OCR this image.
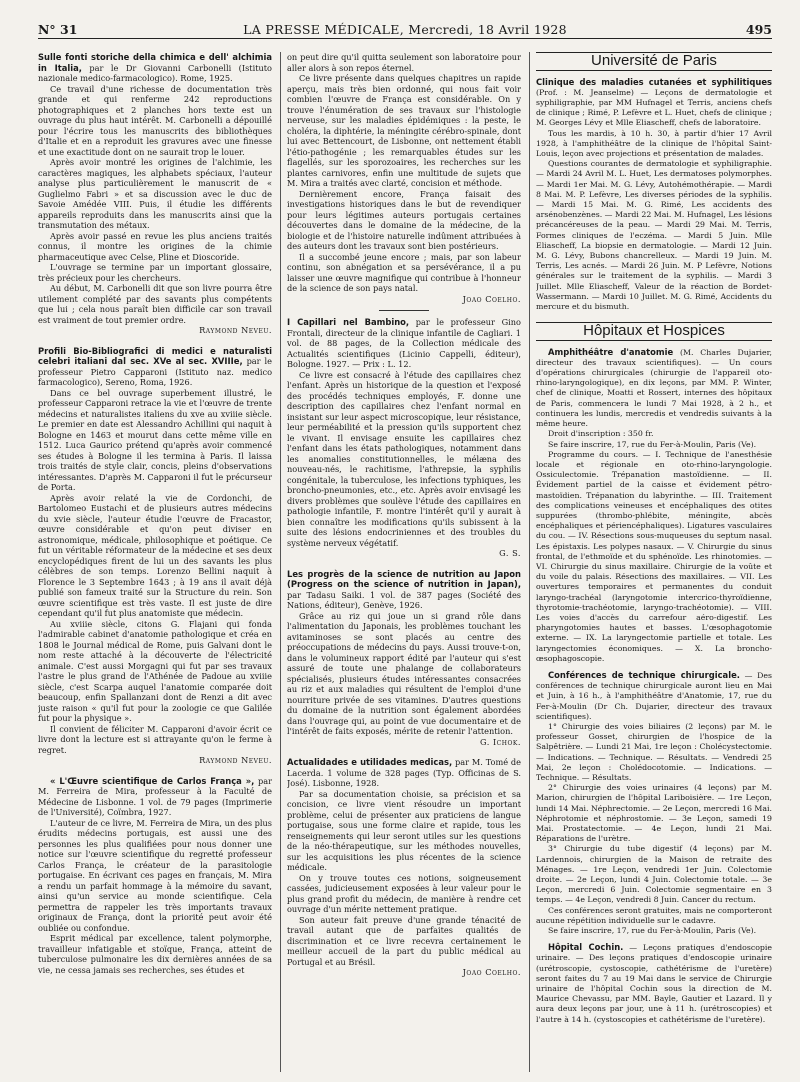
N° 31	LA PRESSE MÉDICALE, Mercredi, 18 Avril 1928	495

Sulle fonti storiche della chimica e dell' alchimia in Italia, par le Dr Giovanni Carbonelli (Istituto nazionale medico-farmacologico). Rome, 1925.

Ce travail d'une richesse de documentation très grande et qui renferme 242 reproductions photographiques et 2 planches hors texte est un ouvrage du plus haut intérêt. M. Carbonelli a dépouillé pour l'écrire tous les manuscrits des bibliothèques d'Italie et en a reproduit les gravures avec une finesse et une exactitude dont on ne saurait trop le louer.

Après avoir montré les origines de l'alchimie, les caractères magiques, les alphabets spéciaux, l'auteur analyse plus particulièrement le manuscrit de « Guglielmo Fabri » et sa discussion avec le duc de Savoie Amédée VIII. Puis, il étudie les différents appareils reproduits dans les manuscrits ainsi que la transmutation des métaux.

Après avoir passé en revue les plus anciens traités connus, il montre les origines de la chimie pharmaceutique avec Celse, Pline et Dioscoride.

L'ouvrage se termine par un important glossaire, très précieux pour les chercheurs.

Au début, M. Carbonelli dit que son livre pourra être utilement complété par des savants plus compétents que lui ; cela nous paraît bien difficile car son travail est vraiment de tout premier ordre.

Raymond Neveu.

Profili Bio-Bibliografici di medici e naturalisti celebri italiani dal sec. XVe al sec. XVIIIe, par le professeur Pietro Capparoni (Istituto naz. medico farmacologico), Sereno, Roma, 1926.

Dans ce bel ouvrage superbement illustré, le professeur Capparoni retrace la vie et l'œuvre de trente médecins et naturalistes italiens du xve au xviiie siècle. Le premier en date est Alessandro Achillini qui naquit à Bologne en 1463 et mourut dans cette même ville en 1512. Luca Gaurico prétend qu'après avoir commencé ses études à Bologne il les termina à Paris. Il laissa trois traités de style clair, concis, pleins d'observations intéressantes. D'après M. Capparoni il fut le précurseur de Porta.

Après avoir relaté la vie de Cordonchi, de Bartolomeo Eustachi et de plusieurs autres médecins du xvie siècle, l'auteur étudie l'œuvre de Fracastor, œuvre considérable et qu'on peut diviser en astronomique, médicale, philosophique et poétique. Ce fut un véritable réformateur de la médecine et ses deux encyclopédiques firent de lui un des savants les plus célèbres de son temps. Lorenzo Bellini naquit à Florence le 3 Septembre 1643 ; à 19 ans il avait déjà publié son fameux traité sur la Structure du rein. Son œuvre scientifique est très vaste. Il est juste de dire cependant qu'il fut plus anatomiste que médecin.

Au xviiie siècle, citons G. Flajani qui fonda l'admirable cabinet d'anatomie pathologique et créa en 1808 le Journal médical de Rome, puis Galvani dont le nom reste attaché à la découverte de l'électricité animale. C'est aussi Morgagni qui fut par ses travaux l'astre le plus grand de l'Athénée de Padoue au xviiie siècle, c'est Scarpa auquel l'anatomie comparée doit beaucoup, enfin Spallanzani dont de Renzi a dit avec juste raison « qu'il fut pour la zoologie ce que Galilée fut pour la physique ».

Il convient de féliciter M. Capparoni d'avoir écrit ce livre dont la lecture est si attrayante qu'on le ferme à regret.

Raymond Neveu.

« L'Œuvre scientifique de Carlos França », par M. Ferreira de Mira, professeur à la Faculté de Médecine de Lisbonne. 1 vol. de 79 pages (Imprimerie de l'Université), Coïmbra, 1927.

L'auteur de ce livre, M. Ferreira de Mira, un des plus érudits médecins portugais, est aussi une des personnes les plus qualifiées pour nous donner une notice sur l'œuvre scientifique du regretté professeur Carlos França, le créateur de la parasitologie portugaise. En écrivant ces pages en français, M. Mira a rendu un parfait hommage à la mémoire du savant, ainsi qu'un service au monde scientifique. Cela permettra de rappeler les très importants travaux originaux de França, dont la priorité peut avoir été oubliée ou confondue.

Esprit médical par excellence, talent polymorphe, travailleur infatigable et stoïque, França, atteint de tuberculose pulmonaire les dix dernières années de sa vie, ne cessa jamais ses recherches, ses études et

on peut dire qu'il quitta seulement son laboratoire pour aller alors à son repos éternel.

Ce livre présente dans quelques chapitres un rapide aperçu, mais très bien ordonné, qui nous fait voir combien l'œuvre de França est considérable. On y trouve l'énumération de ses travaux sur l'histologie nerveuse, sur les maladies épidémiques : la peste, le choléra, la diphtérie, la méningite cérébro-spinale, dont lui avec Bettencourt, de Lisbonne, ont nettement établi l'étio-pathogénie ; les remarquables études sur les flagellés, sur les sporozoaires, les recherches sur les plantes carnivores, enfin une multitude de sujets que M. Mira a traités avec clarté, concision et méthode.

Dernièrement encore, França faisait des investigations historiques dans le but de revendiquer pour leurs légitimes auteurs portugais certaines découvertes dans le domaine de la médecine, de la biologie et de l'histoire naturelle indûment attribuées à des auteurs dont les travaux sont bien postérieurs.

Il a succombé jeune encore ; mais, par son labeur continu, son abnégation et sa persévérance, il a pu laisser une œuvre magnifique qui contribue à l'honneur de la science de son pays natal.

Joao Coelho.

I Capillari nel Bambino, par le professeur Gino Frontali, directeur de la clinique infantile de Cagliari. 1 vol. de 88 pages, de la Collection médicale des Actualités scientifiques (Licinio Cappelli, éditeur), Bologne. 1927. — Prix : L. 12.

Ce livre est consacré à l'étude des capillaires chez l'enfant. Après un historique de la question et l'exposé des procédés techniques employés, F. donne une description des capillaires chez l'enfant normal en insistant sur leur aspect microscopique, leur résistance, leur perméabilité et la pression qu'ils supportent chez le vivant. Il envisage ensuite les capillaires chez l'enfant dans les états pathologiques, notamment dans les anomalies constitutionnelles, le mélæna des nouveau-nés, le rachitisme, l'athrepsie, la syphilis congénitale, la tuberculose, les infections typhiques, les broncho-pneumonies, etc., etc. Après avoir envisagé les divers problèmes que soulève l'étude des capillaires en pathologie infantile, F. montre l'intérêt qu'il y aurait à bien connaître les modifications qu'ils subissent à la suite des lésions endocriniennes et des troubles du système nerveux végétatif.

G. S.

Les progrès de la science de nutrition au Japon (Progress on the science of nutrition in Japan), par Tadasu Saiki. 1 vol. de 387 pages (Société des Nations, éditeur), Genève, 1926.

Grâce au riz qui joue un si grand rôle dans l'alimentation du Japonais, les problèmes touchant les avitaminoses se sont placés au centre des préoccupations de médecins du pays. Aussi trouve-t-on, dans le volumineux rapport édité par l'auteur qui s'est assuré de toute une phalange de collaborateurs spécialisés, plusieurs études intéressantes consacrées au riz et aux maladies qui résultent de l'emploi d'une nourriture privée de ses vitamines. D'autres questions du domaine de la nutrition sont également abordées dans l'ouvrage qui, au point de vue documentaire et de l'intérêt de faits exposés, mérite de retenir l'attention.

G. Ichok.

Actualidades e utilidades medicas, par M. Tomé de Lacerda. 1 volume de 328 pages (Typ. Officinas de S. José). Lisbonne, 1928.

Par sa documentation choisie, sa précision et sa concision, ce livre vient résoudre un important problème, celui de présenter aux praticiens de langue portugaise, sous une forme claire et rapide, tous les renseignements qui leur seront utiles sur les questions de la néo-thérapeutique, sur les méthodes nouvelles, sur les acquisitions les plus récentes de la science médicale.

On y trouve toutes ces notions, soigneusement cassées, judicieusement exposées à leur valeur pour le plus grand profit du médecin, de manière à rendre cet ouvrage d'un mérite nettement pratique.

Son auteur fait preuve d'une grande ténacité de travail autant que de parfaites qualités de discrimination et ce livre recevra certainement le meilleur accueil de la part du public médical au Portugal et au Brésil.

Joao Coelho.

Université de Paris

Clinique des maladies cutanées et syphilitiques (Prof. : M. Jeanselme) — Leçons de dermatologie et syphiligraphie, par MM Hufnagel et Terris, anciens chefs de clinique ; Rimé, P. Lefèvre et L. Huet, chefs de clinique ; M. Georges Lévy et Mlle Eliascheff, chefs de laboratoire.

Tous les mardis, à 10 h. 30, à partir d'hier 17 Avril 1928, à l'amphithéâtre de la clinique de l'hôpital Saint-Louis, leçon avec projections et présentation de malades.

Questions courantes de dermatologie et syphiligraphie. — Mardi 24 Avril M. L. Huet, Les dermatoses polymorphes. — Mardi 1er Mai. M. G. Lévy, Autohémothérapie. — Mardi 8 Mai. M. P. Lefèvre, Les diverses périodes de la syphilis. — Mardi 15 Mai. M. G. Rimé, Les accidents des arsénobenzènes. — Mardi 22 Mai. M. Hufnagel, Les lésions précancéreuses de la peau. — Mardi 29 Mai. M. Terris, Formes cliniques de l'eczéma. — Mardi 5 Juin. Mlle Eliascheff, La biopsie en dermatologie. — Mardi 12 Juin. M. G. Lévy, Bubons chancrelleux. — Mardi 19 Juin. M. Terris, Les acnés. — Mardi 26 Juin. M. P Lefèvre, Notions générales sur le traitement de la syphilis. — Mardi 3 Juillet. Mlle Eliascheff, Valeur de la réaction de Bordet-Wassermann. — Mardi 10 Juillet. M. G. Rimé, Accidents du mercure et du bismuth.

Hôpitaux et Hospices

Amphithéâtre d'anatomie (M. Charles Dujarier, directeur des travaux scientifiques). — Un cours d'opérations chirurgicales (chirurgie de l'appareil oto-rhino-laryngologique), en dix leçons, par MM. P. Winter, chef de clinique, Moatti et Rossert, internes des hôpitaux de Paris, commencera le lundi 7 Mai 1928, à 2 h., et continuera les lundis, mercredis et vendredis suivants à la même heure.

Droit d'inscription : 350 fr.

Se faire inscrire, 17, rue du Fer-à-Moulin, Paris (Ve).

Programme du cours. — I. Technique de l'anesthésie locale et régionale en oto-rhino-laryngologie. Ossiculectomie. Trépanation mastoïdienne. — II. Évidement partiel de la caisse et évidement pétro-mastoïdien. Trépanation du labyrinthe. — III. Traitement des complications veineuses et encéphaliques des otites suppurées (thrombo-phlébite, méningite, abcès encéphaliques et périencéphaliques). Ligatures vasculaires du cou. — IV. Résections sous-muqueuses du septum nasal. Les épistaxis. Les polypes nasaux. — V. Chirurgie du sinus frontal, de l'ethmoïde et du sphénoïde. Les rhinotomies. — VI. Chirurgie du sinus maxillaire. Chirurgie de la voûte et du voile du palais. Résections des maxillaires. — VII. Les ouvertures temporaires et permanentes du conduit laryngo-trachéal (laryngotomie intercrico-thyroïdienne, thyrotomie-trachéotomie, laryngo-trachéotomie). — VIII. Les voies d'accès du carrefour aéro-digestif. Les pharyngotomies hautes et basses. L'œsophagotomie externe. — IX. La laryngectomie partielle et totale. Les laryngectomies économiques. — X. La broncho-œsophagoscopie.

Conférences de technique chirurgicale. — Des conférences de technique chirurgicale auront lieu en Mai et Juin, à 16 h., à l'amphithéâtre d'Anatomie, 17, rue du Fer-à-Moulin (Dr Ch. Dujarier, directeur des travaux scientifiques).

1° Chirurgie des voies biliaires (2 leçons) par M. le professeur Gosset, chirurgien de l'hospice de la Salpêtrière. — Lundi 21 Mai, 1re leçon : Cholécystectomie. — Indications. — Technique. — Résultats. — Vendredi 25 Mai, 2e leçon : Cholédocotomie. — Indications. — Technique. — Résultats.

2° Chirurgie des voies urinaires (4 leçons) par M. Marion, chirurgien de l'hôpital Lariboisière. — 1re Leçon, lundi 14 Mai. Néphrectomie. — 2e Leçon, mercredi 16 Mai. Néphrotomie et néphrostomie. — 3e Leçon, samedi 19 Mai. Prostatectomie. — 4e Leçon, lundi 21 Mai. Réparations de l'urètre.

3° Chirurgie du tube digestif (4 leçons) par M. Lardennois, chirurgien de la Maison de retraite des Ménages. — 1re Leçon, vendredi 1er Juin. Colectomie droite. — 2e Leçon, lundi 4 Juin. Colectomie totale. — 3e Leçon, mercredi 6 Juin. Colectomie segmentaire en 3 temps. — 4e Leçon, vendredi 8 Juin. Cancer du rectum.

Ces conférences seront gratuites, mais ne comporteront aucune répétition individuelle sur le cadavre.

Se faire inscrire, 17, rue du Fer-à-Moulin, Paris (Ve).

Hôpital Cochin. — Leçons pratiques d'endoscopie urinaire. — Des leçons pratiques d'endoscopie urinaire (urétroscopie, cystoscopie, cathétérisme de l'uretère) seront faites du 7 au 19 Mai dans le service de Chirurgie urinaire de l'hôpital Cochin sous la direction de M. Maurice Chevassu, par MM. Bayle, Gautier et Lazard. Il y aura deux leçons par jour, une à 11 h. (urétroscopies) et l'autre à 14 h. (cystoscopies et cathétérisme de l'uretère).
